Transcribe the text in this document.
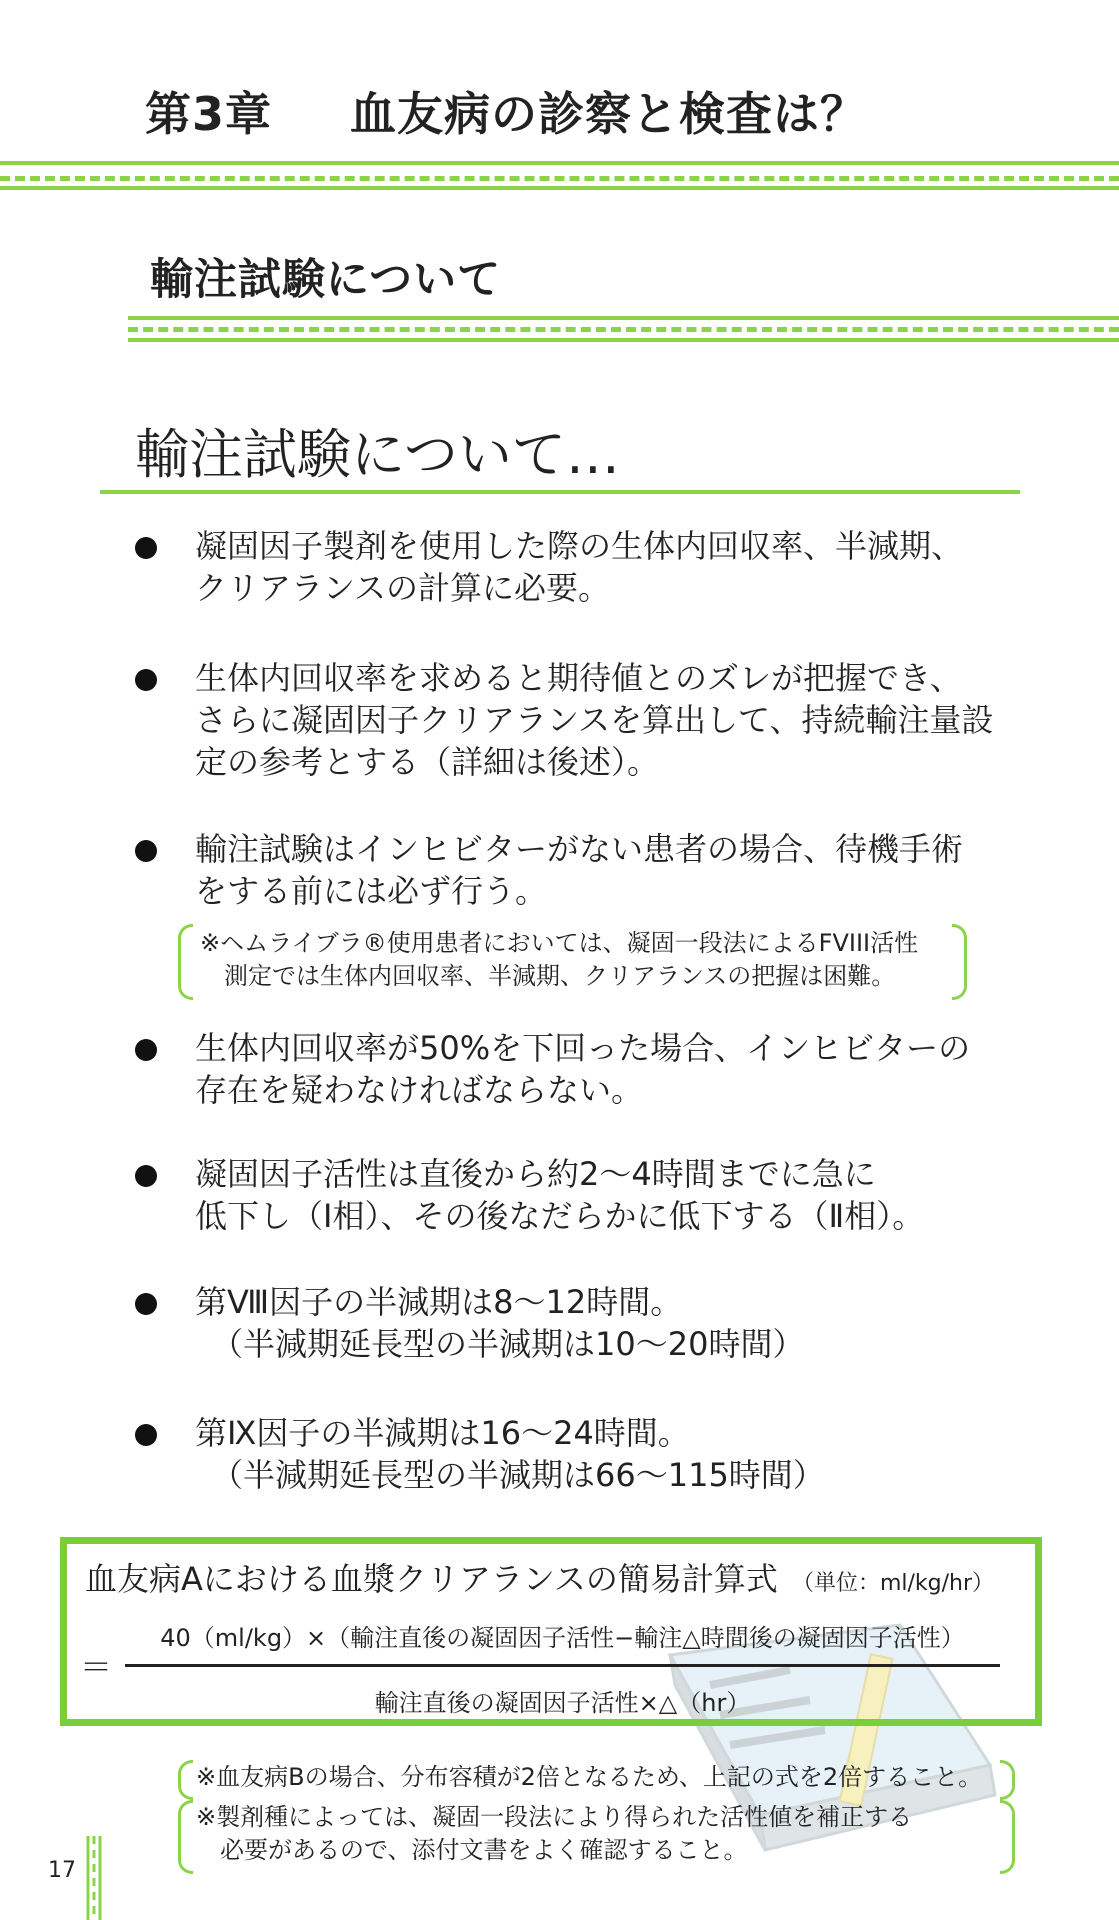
第3章 血友病の診察と検査は？
輸注試験について
輸注試験について…
凝固因子製剤を使用した際の生体内回収率、半減期、
クリアランスの計算に必要。
生体内回収率を求めると期待値とのズレが把握でき、
さらに凝固因子クリアランスを算出して、持続輸注量設
定の参考とする（詳細は後述）。
輸注試験はインヒビターがない患者の場合、待機手術
をする前には必ず行う。
※ヘムライブラ®使用患者においては、凝固一段法によるFVIII活性
　測定では生体内回収率、半減期、クリアランスの把握は困難。
生体内回収率が50%を下回った場合、インヒビターの
存在を疑わなければならない。
凝固因子活性は直後から約2～4時間までに急に
低下し（Ⅰ相）、その後なだらかに低下する（Ⅱ相）。
第Ⅷ因子の半減期は8～12時間。
　（半減期延長型の半減期は10～20時間）
第Ⅸ因子の半減期は16～24時間。
　（半減期延長型の半減期は66～115時間）
血友病Aにおける血漿クリアランスの簡易計算式 （単位：ml/kg/hr）
＝
40（ml/kg）×（輸注直後の凝固因子活性−輸注△時間後の凝固因子活性）
輸注直後の凝固因子活性×△（hr）
※血友病Bの場合、分布容積が2倍となるため、上記の式を2倍すること。
※製剤種によっては、凝固一段法により得られた活性値を補正する
　必要があるので、添付文書をよく確認すること。
17
